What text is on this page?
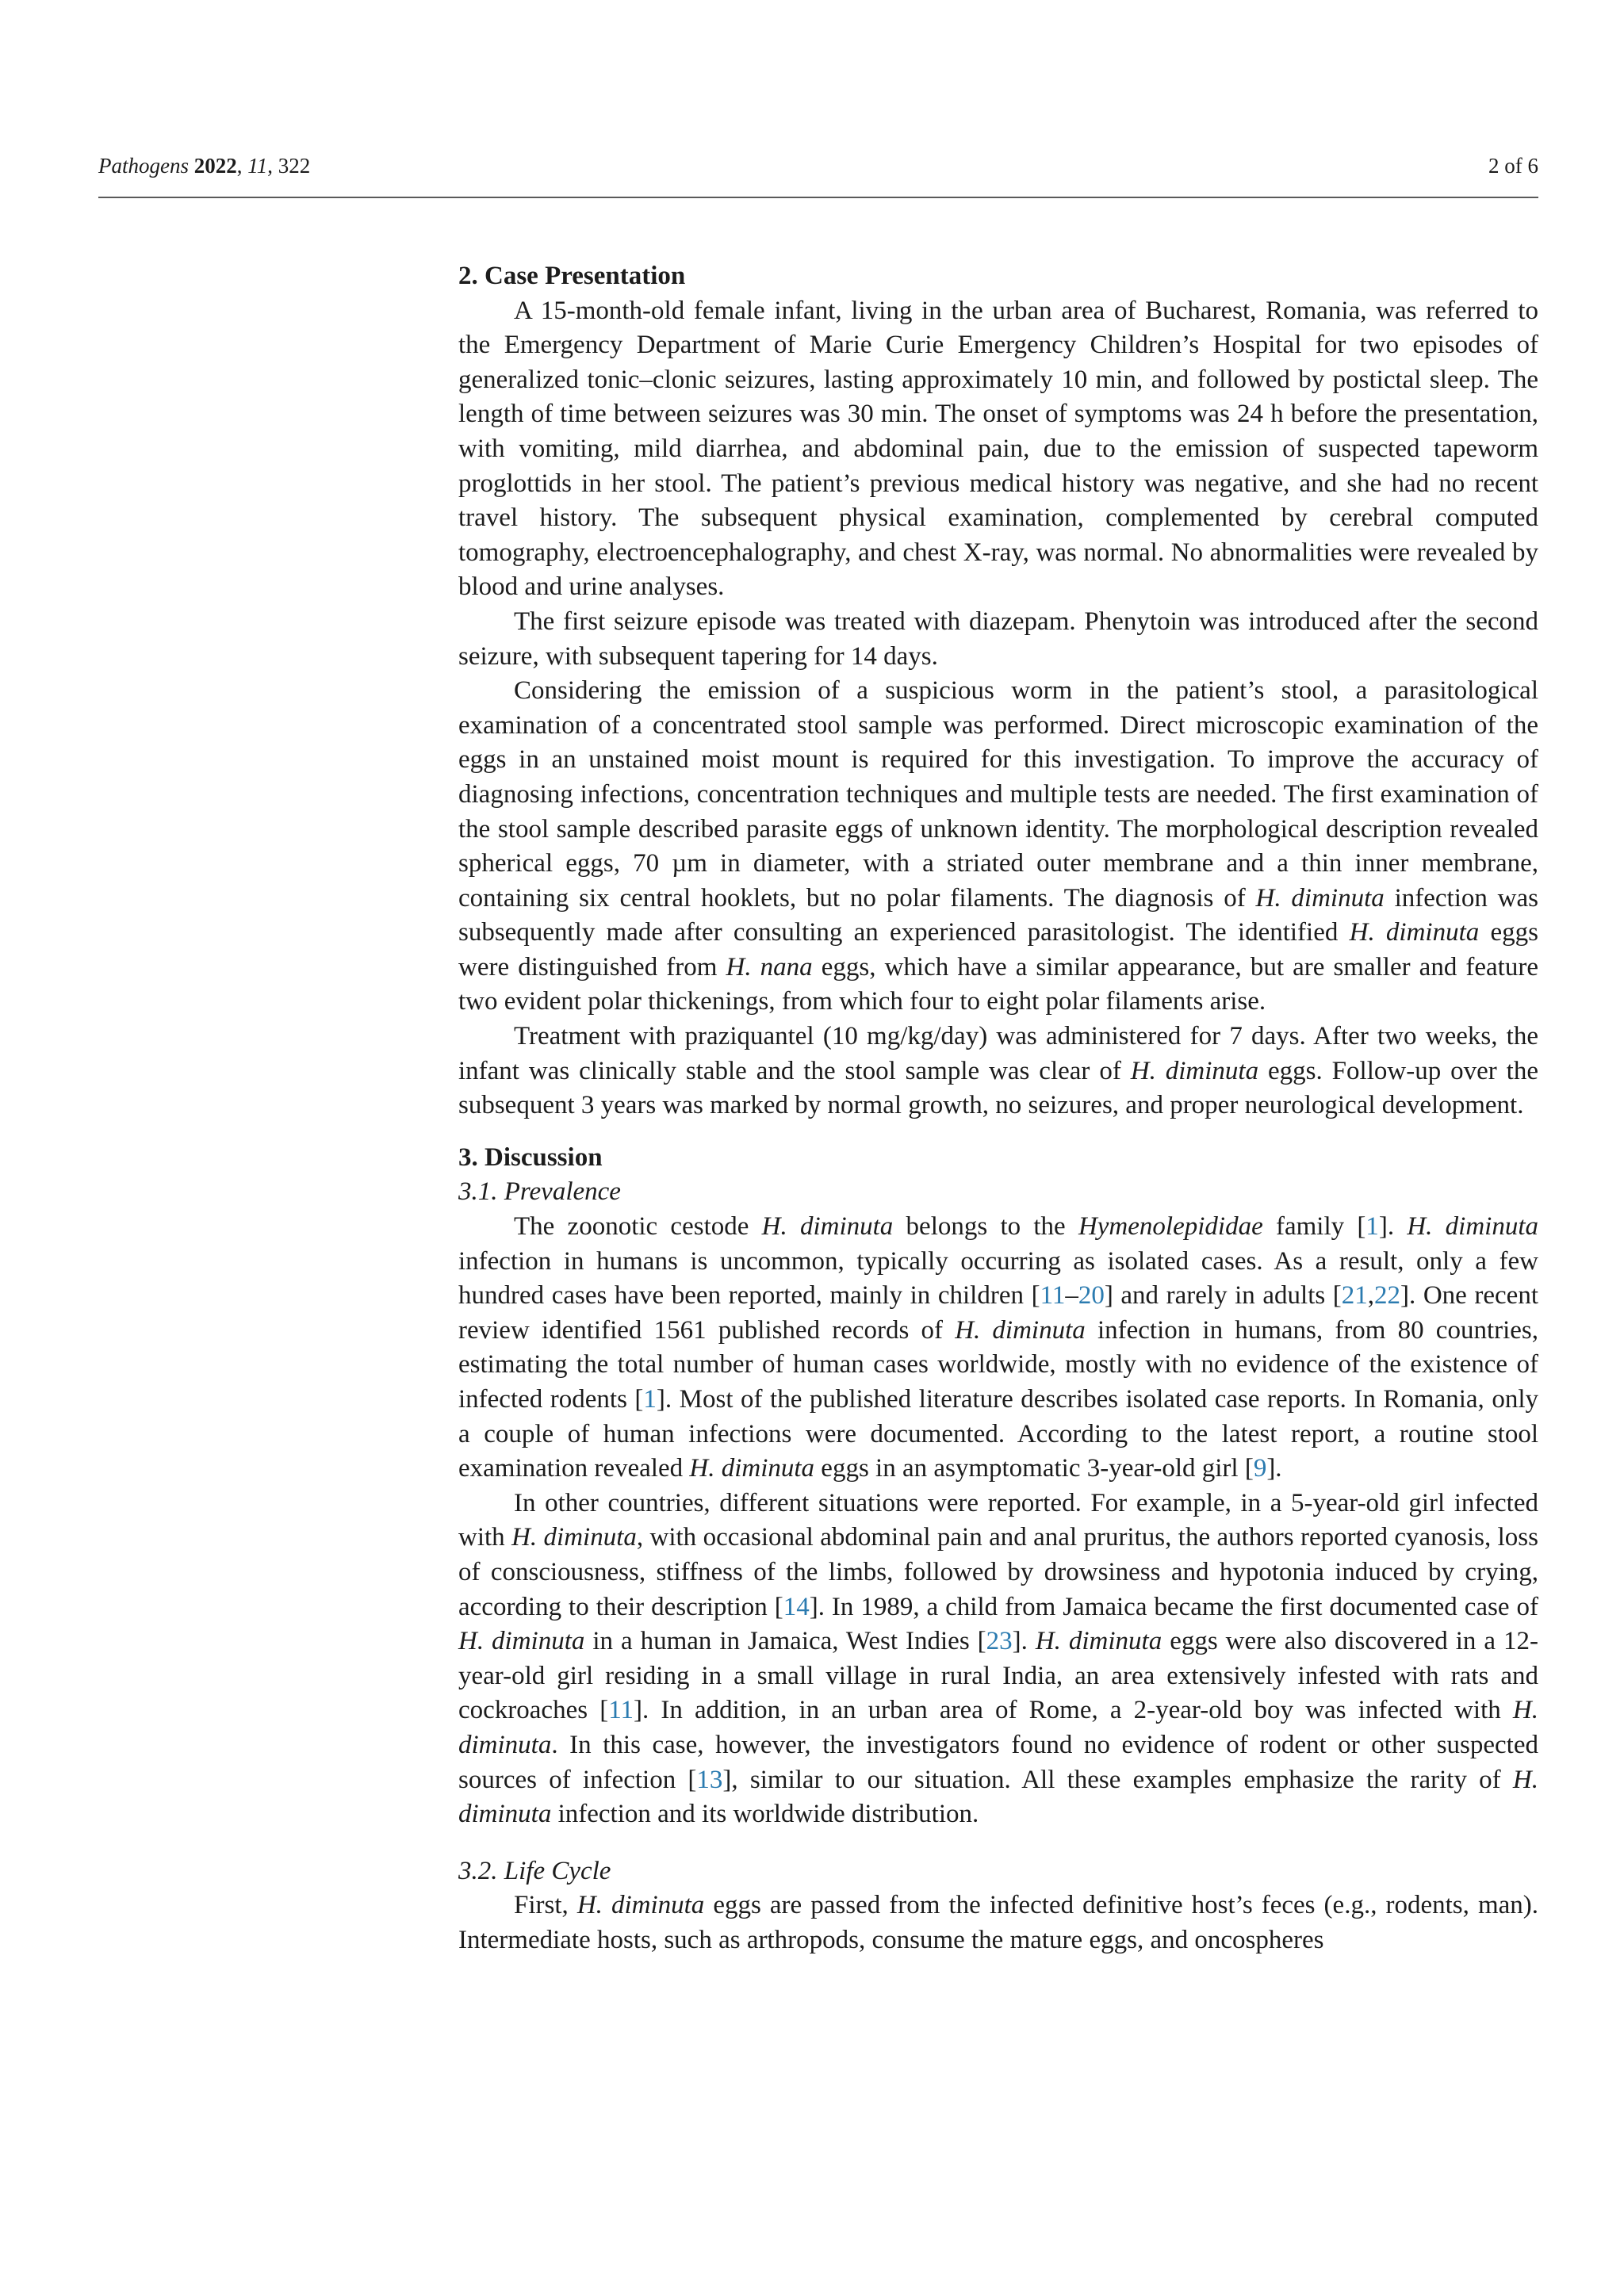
Pathogens 2022, 11, 322	2 of 6
2. Case Presentation

A 15-month-old female infant, living in the urban area of Bucharest, Romania, was referred to the Emergency Department of Marie Curie Emergency Children’s Hospital for two episodes of generalized tonic–clonic seizures, lasting approximately 10 min, and followed by postictal sleep. The length of time between seizures was 30 min. The onset of symptoms was 24 h before the presentation, with vomiting, mild diarrhea, and abdominal pain, due to the emission of suspected tapeworm proglottids in her stool. The patient’s previous medical history was negative, and she had no recent travel history. The subsequent physical examination, complemented by cerebral computed tomography, electroencephalography, and chest X-ray, was normal. No abnormalities were revealed by blood and urine analyses.

The first seizure episode was treated with diazepam. Phenytoin was introduced after the second seizure, with subsequent tapering for 14 days.

Considering the emission of a suspicious worm in the patient’s stool, a parasitological examination of a concentrated stool sample was performed. Direct microscopic examination of the eggs in an unstained moist mount is required for this investigation. To improve the accuracy of diagnosing infections, concentration techniques and multiple tests are needed. The first examination of the stool sample described parasite eggs of unknown identity. The morphological description revealed spherical eggs, 70 µm in diameter, with a striated outer membrane and a thin inner membrane, containing six central hooklets, but no polar filaments. The diagnosis of H. diminuta infection was subsequently made after consulting an experienced parasitologist. The identified H. diminuta eggs were distinguished from H. nana eggs, which have a similar appearance, but are smaller and feature two evident polar thickenings, from which four to eight polar filaments arise.

Treatment with praziquantel (10 mg/kg/day) was administered for 7 days. After two weeks, the infant was clinically stable and the stool sample was clear of H. diminuta eggs. Follow-up over the subsequent 3 years was marked by normal growth, no seizures, and proper neurological development.

3. Discussion
3.1. Prevalence

The zoonotic cestode H. diminuta belongs to the Hymenolepididae family [1]. H. diminuta infection in humans is uncommon, typically occurring as isolated cases. As a result, only a few hundred cases have been reported, mainly in children [11–20] and rarely in adults [21,22]. One recent review identified 1561 published records of H. diminuta infection in humans, from 80 countries, estimating the total number of human cases worldwide, mostly with no evidence of the existence of infected rodents [1]. Most of the published literature describes isolated case reports. In Romania, only a couple of human infections were documented. According to the latest report, a routine stool examination revealed H. diminuta eggs in an asymptomatic 3-year-old girl [9].

In other countries, different situations were reported. For example, in a 5-year-old girl infected with H. diminuta, with occasional abdominal pain and anal pruritus, the authors reported cyanosis, loss of consciousness, stiffness of the limbs, followed by drowsiness and hypotonia induced by crying, according to their description [14]. In 1989, a child from Jamaica became the first documented case of H. diminuta in a human in Jamaica, West Indies [23]. H. diminuta eggs were also discovered in a 12-year-old girl residing in a small village in rural India, an area extensively infested with rats and cockroaches [11]. In addition, in an urban area of Rome, a 2-year-old boy was infected with H. diminuta. In this case, however, the investigators found no evidence of rodent or other suspected sources of infection [13], similar to our situation. All these examples emphasize the rarity of H. diminuta infection and its worldwide distribution.

3.2. Life Cycle

First, H. diminuta eggs are passed from the infected definitive host’s feces (e.g., rodents, man). Intermediate hosts, such as arthropods, consume the mature eggs, and oncospheres
